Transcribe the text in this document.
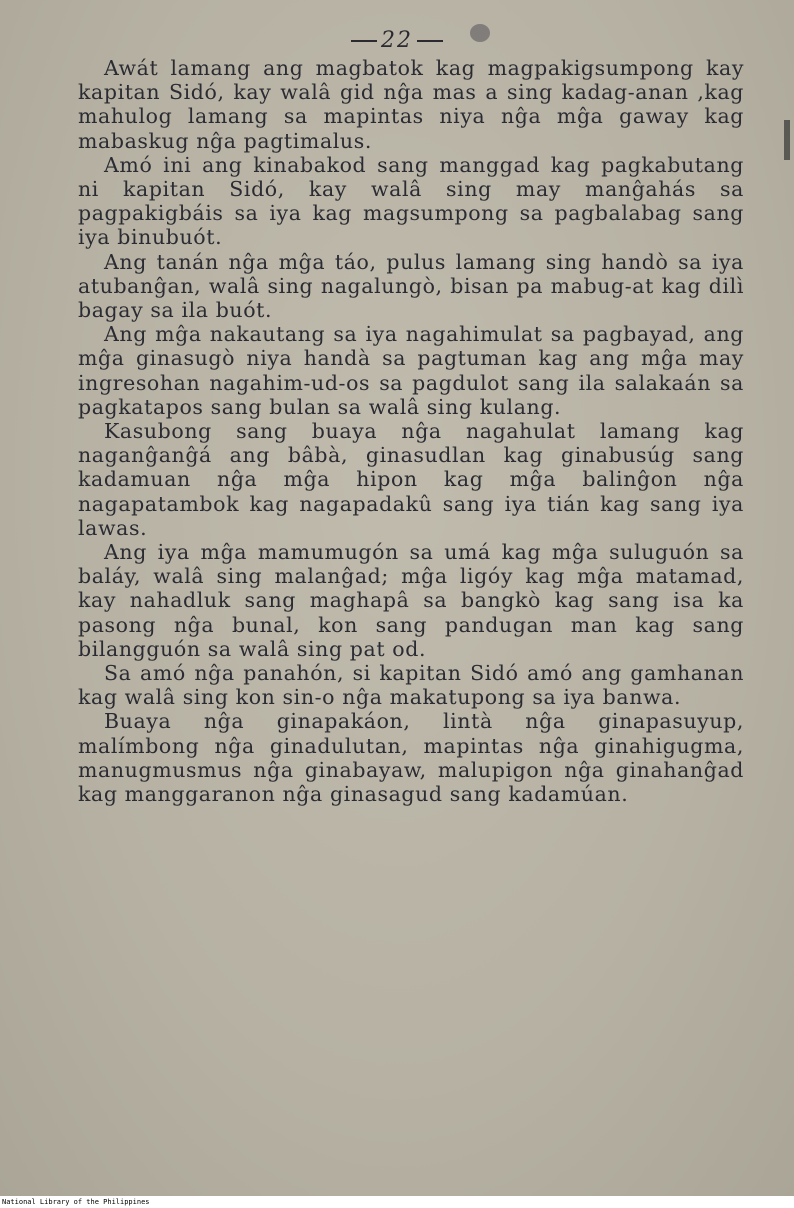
22

Awát lamang ang magbatok kag magpakigsumpong kay kapitan Sidó, kay walâ gid nĝa mas a sing kadag-anan ,kag mahulog lamang sa mapintas niya nĝa mĝa gaway kag mabaskug nĝa pagtimalus.

Amó ini ang kinabakod sang manggad kag pagkabutang ni kapitan Sidó, kay walâ sing may manĝahás sa pagpakigbáis sa iya kag magsumpong sa pagbalabag sang iya binubuót.

Ang tanán nĝa mĝa táo, pulus lamang sing handò sa iya atubanĝan, walâ sing nagalungò, bisan pa mabug-at kag dilì bagay sa ila buót.

Ang mĝa nakautang sa iya nagahimulat sa pagbayad, ang mĝa ginasugò niya handà sa pagtuman kag ang mĝa may ingresohan nagahim-ud-os sa pagdulot sang ila salakaán sa pagkatapos sang bulan sa walâ sing kulang.

Kasubong sang buaya nĝa nagahulat lamang kag naganĝanĝá ang bâbà, ginasudlan kag ginabusúg sang kadamuan nĝa mĝa hipon kag mĝa balinĝon nĝa nagapatambok kag nagapadakû sang iya tián kag sang iya lawas.

Ang iya mĝa mamumugón sa umá kag mĝa suluguón sa baláy, walâ sing malanĝad; mĝa ligóy kag mĝa matamad, kay nahadluk sang maghapâ sa bangkò kag sang isa ka pasong nĝa bunal, kon sang pandugan man kag sang bilangguón sa walâ sing pat od.

Sa amó nĝa panahón, si kapitan Sidó amó ang gamhanan kag walâ sing kon sin-o nĝa makatupong sa iya banwa.

Buaya nĝa ginapakáon, lintà nĝa ginapasuyup, malímbong nĝa ginadulutan, mapintas nĝa ginahigugma, manugmusmus nĝa ginabayaw, malupigon nĝa ginahanĝad kag manggaranon nĝa ginasagud sang kadamúan.

National Library of the Philippines
